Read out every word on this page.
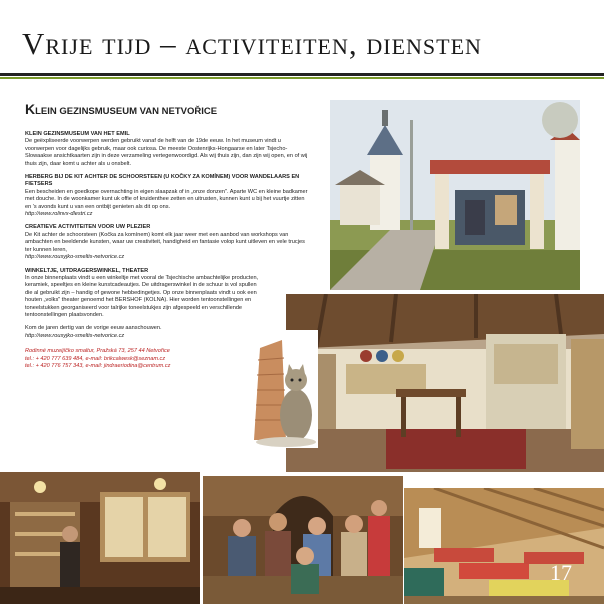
Vrije tijd – activiteiten, diensten
KLEIN GEZINSMUSEUM VAN NETVOŘICE
KLEIN GEZINSMUSEUM VAN HET EMIL

De geëxpliseerde voorwerpen werden gebruikt vanaf de helft van de 19de eeuw. In het museum vindt u voorwerpen voor dagelijks gebruik, maar ook curiosa. De meeste Oostenrijks-Hongaarse en later Tsjecho-Slowaakse ansichtkaarten zijn in deze verzameling vertegenwoordigd. Als wij thuis zijn, dan zijn wij open, en of wij thuis zijn, daar komt u achter als u onsbelt.

HERBERG BIJ DE KIT ACHTER DE SCHOORSTEEN (U KOČKY ZA KOMÍNEM) VOOR WANDELAARS EN FIETSERS

Een bescheiden en goedkope overnachting in eigen slaapzak of in „onze donzen". Aparte WC en kleine badkamer met douche. In de woonkamer kunt uk offie of kruidenthee zetten en uitrusten, kunnen kunt u bij het vuurtje zitten en 's avonds kunt u van een ontbijt genieten als dit op ons.

http://www.rolinvx-dlestri.cz

CREATIEVE ACTIVITEITEN VOOR UW PLEZIER

De Kit achter de schoorsteen (Kočka za komínem) komt elk jaar weer met een aanbod van workshops van ambachten en beeldende kunsten, waar uw creativiteit, handigheid en fantasie volop kunt uitleven en vele trucjes ter kunnen leren,

http://www.rousyjko-smeltis-netvorice.cz

WINKELTJE, UITDRAGERSWINKEL, THEATER

In onze binnenplaats vindt u een winkeltje met vooral de Tsjechische ambachtelijke producten, keramiek, speeltjes en kleine kunstcadeautjes. De uitdragerswinkel in de schuur is vol spullen die al gebruikt zijn – handig of gewone hebbedingetjes. Op onze binnenplaats vindt u ook een houten „volks" theater genoemd het BERSHOF (KOLNA). Hier worden tentoonstellingen en toneelstukken georganiseerd voor talrijke toneelstukjes zijn afgespeeld en verschillende tentoonstellingen plaatsvonden.

Kom de jaren dertig van de vorige eeuw aanschouwen.

http://www.rousyjko-smeltis-netvorice.cz

Rodinné muzeijíčko smaltur, Pražská 73, 257 44 Netvořice
tel.: + 420 777 639 484, e-mail: brikcalwesk@seznam.cz
tel.: + 420 776 757 343, e-mail: jindraeriodina@centrum.cz
17
